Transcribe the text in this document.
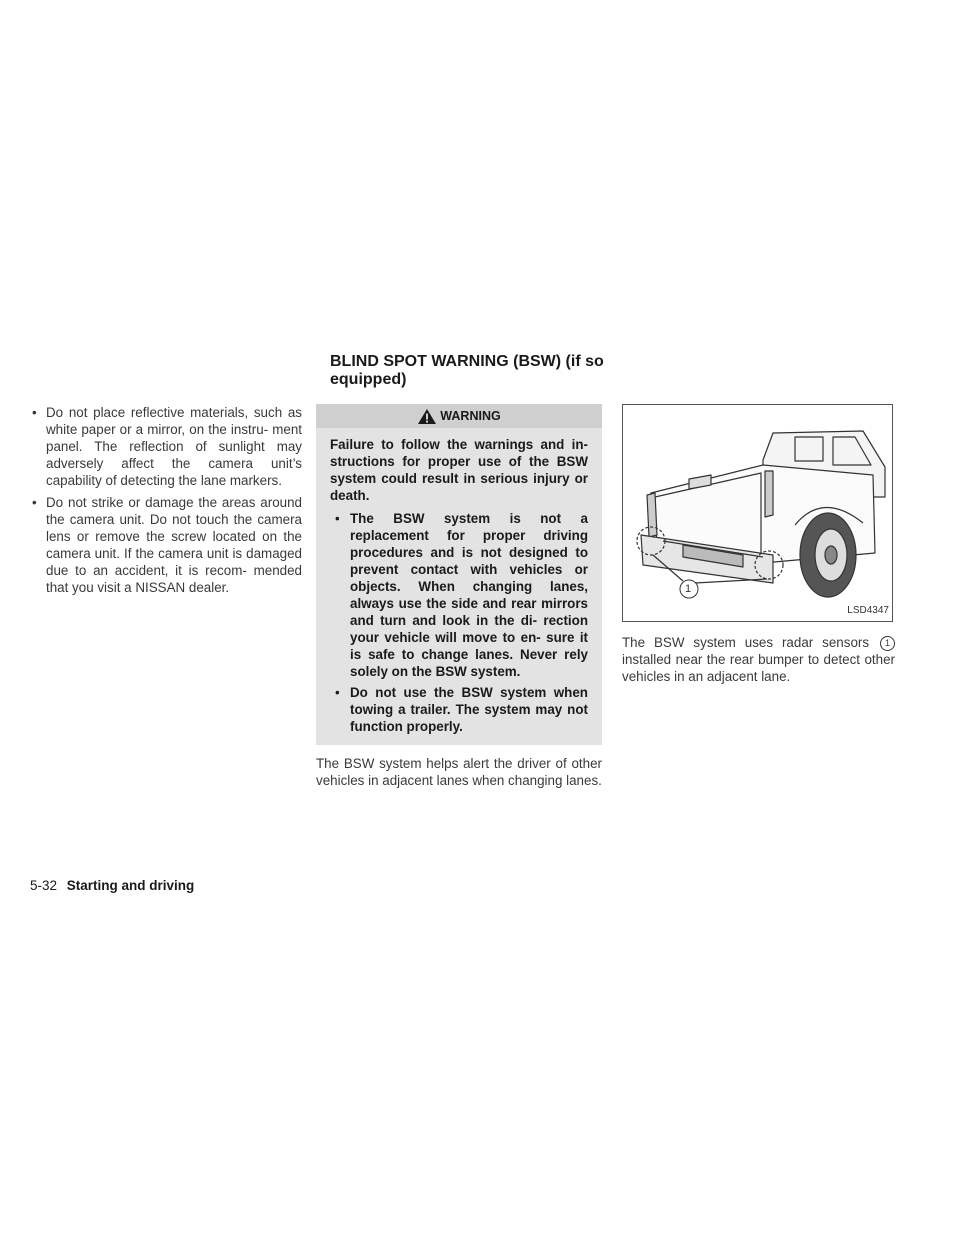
BLIND SPOT WARNING (BSW) (if so equipped)

• Do not place reflective materials, such as white paper or a mirror, on the instru- ment panel. The reflection of sunlight may adversely affect the camera unit’s capability of detecting the lane markers.

• Do not strike or damage the areas around the camera unit. Do not touch the camera lens or remove the screw located on the camera unit. If the camera unit is damaged due to an accident, it is recom- mended that you visit a NISSAN dealer.

WARNING
Failure to follow the warnings and in- structions for proper use of the BSW system could result in serious injury or death.
• The BSW system is not a replacement for proper driving procedures and is not designed to prevent contact with vehicles or objects. When changing lanes, always use the side and rear mirrors and turn and look in the di- rection your vehicle will move to en- sure it is safe to change lanes. Never rely solely on the BSW system.
• Do not use the BSW system when towing a trailer. The system may not function properly.

The BSW system helps alert the driver of other vehicles in adjacent lanes when changing lanes.

1
LSD4347

The BSW system uses radar sensors 1 installed near the rear bumper to detect other vehicles in an adjacent lane.

5-32 Starting and driving
